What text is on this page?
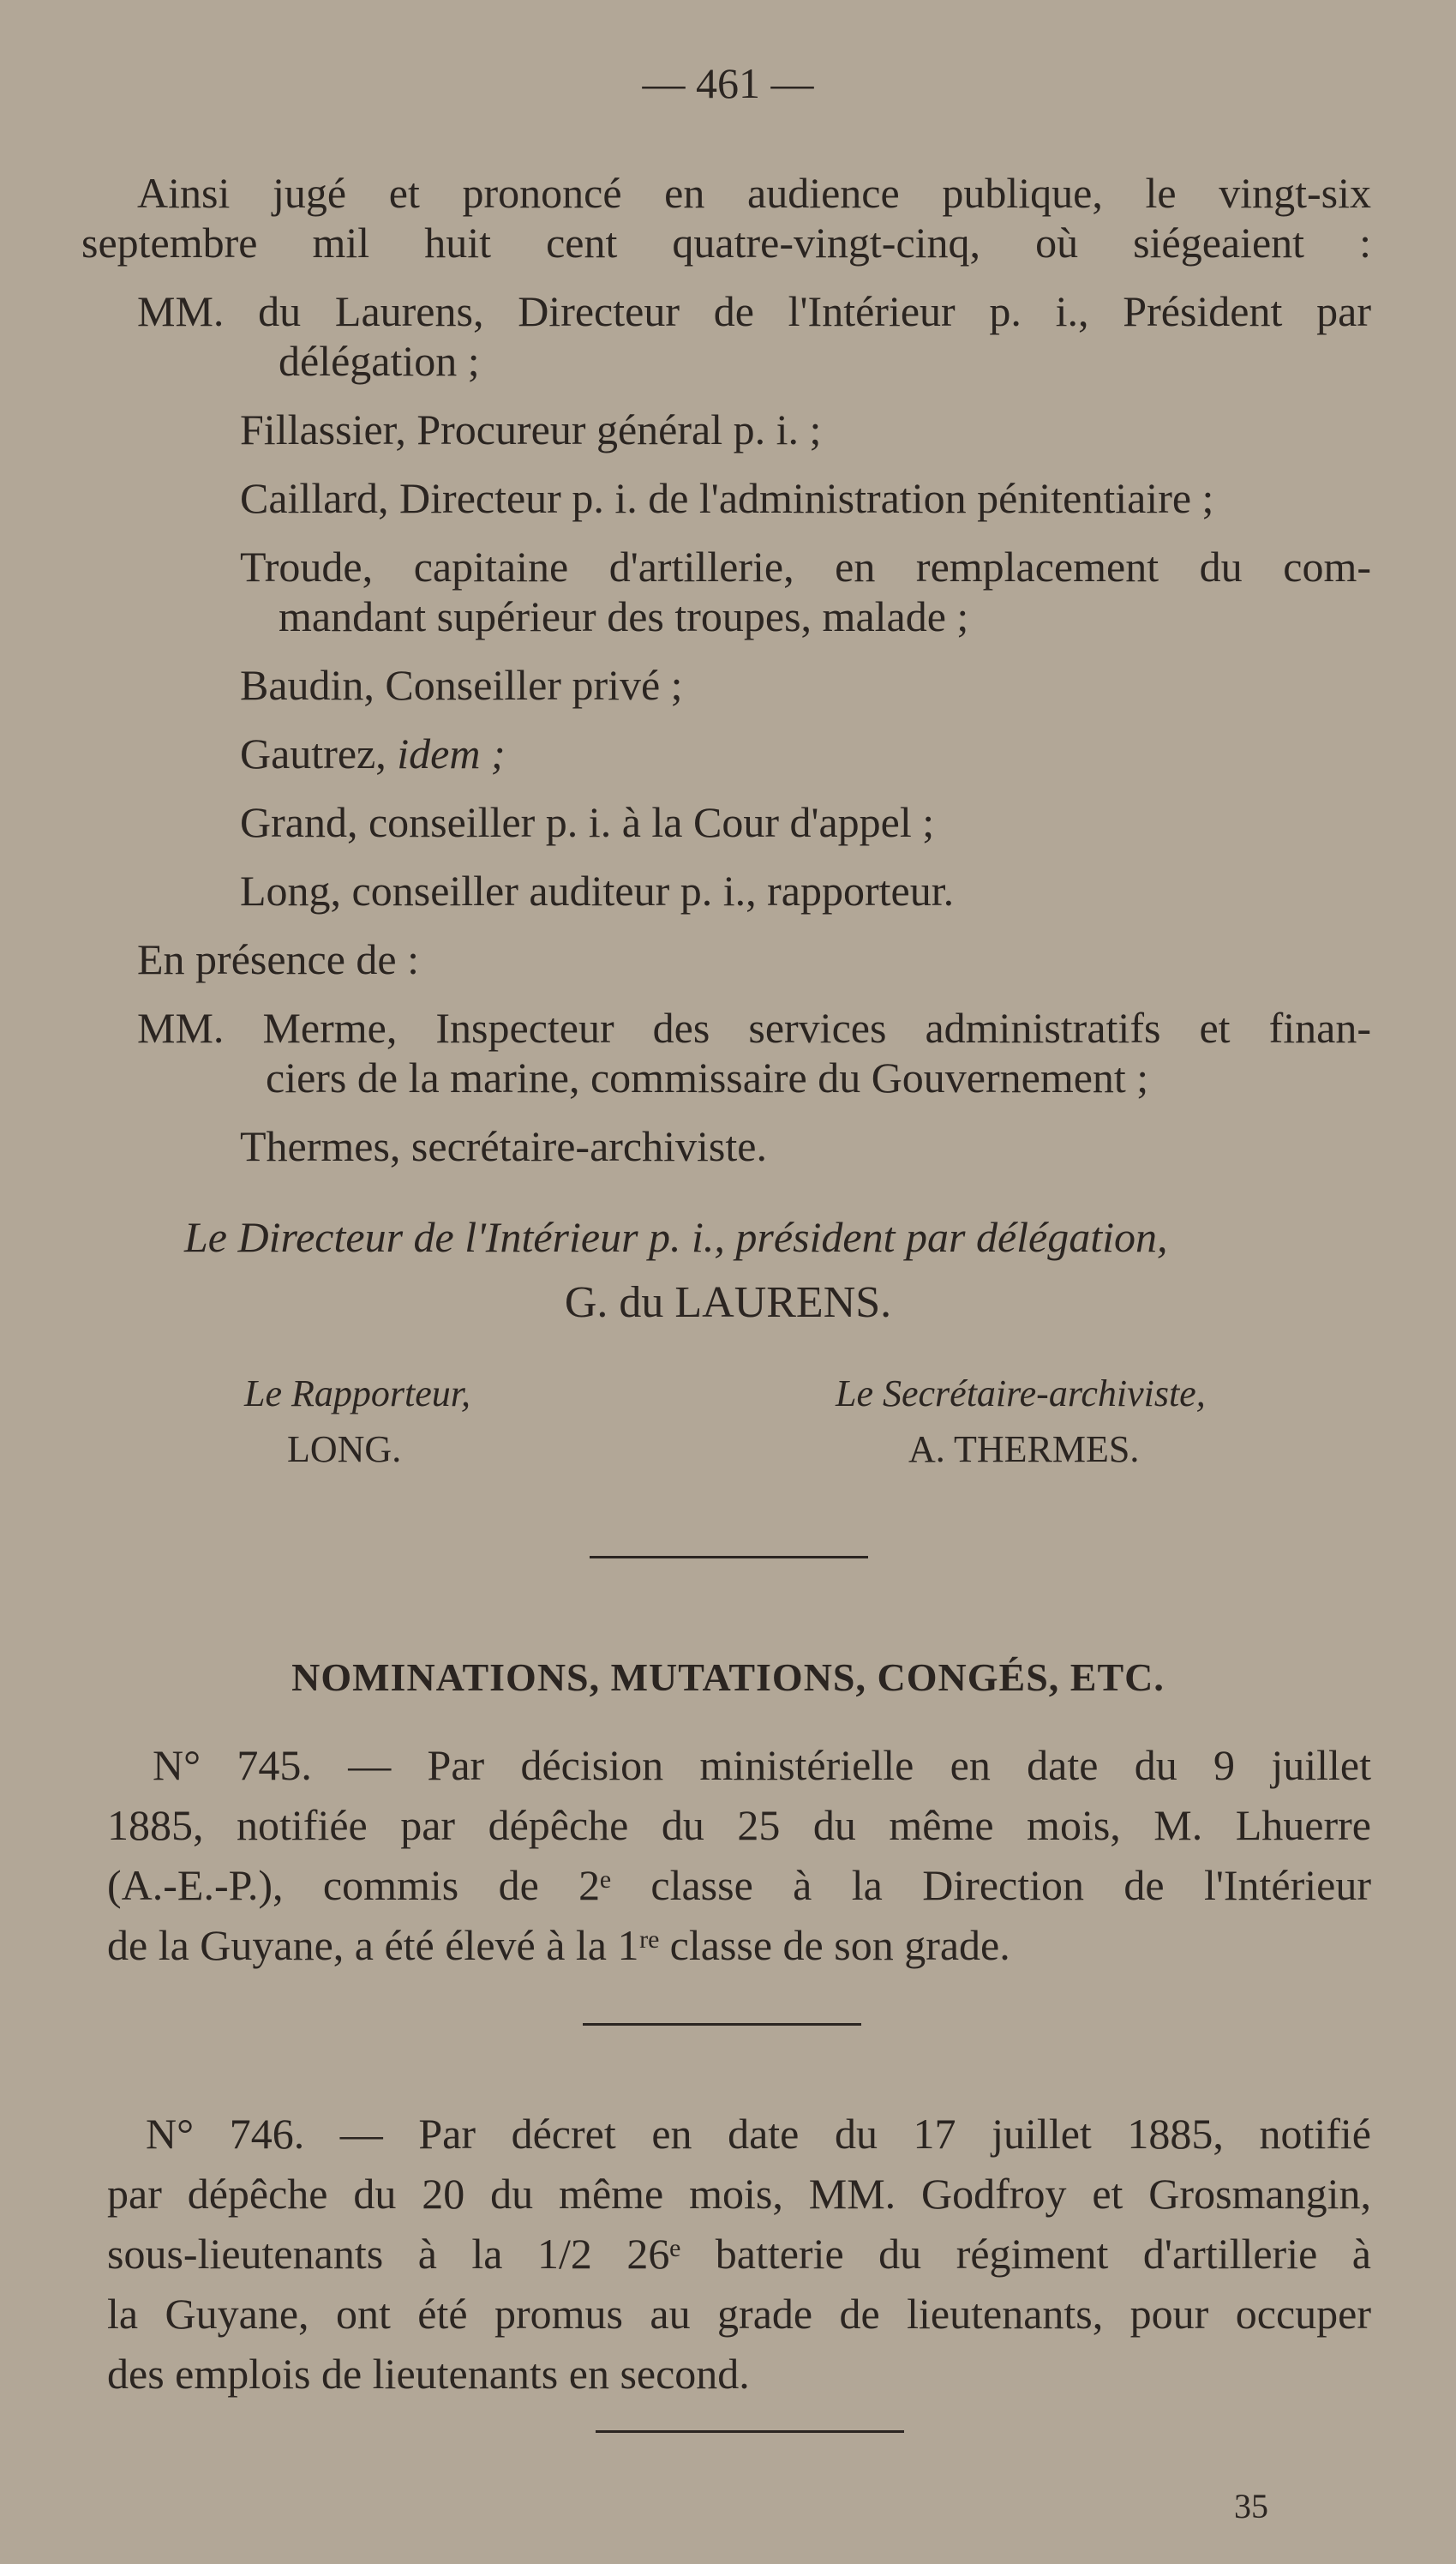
— 461 —
Ainsi jugé et prononcé en audience publique, le vingt-six
septembre mil huit cent quatre-vingt-cinq, où siégeaient :
MM. du Laurens, Directeur de l'Intérieur p. i., Président par
délégation ;
Fillassier, Procureur général p. i. ;
Caillard, Directeur p. i. de l'administration pénitentiaire ;
Troude, capitaine d'artillerie, en remplacement du com-
mandant supérieur des troupes, malade ;
Baudin, Conseiller privé ;
Gautrez, idem ;
Grand, conseiller p. i. à la Cour d'appel ;
Long, conseiller auditeur p. i., rapporteur.
En présence de :
MM. Merme, Inspecteur des services administratifs et finan-
ciers de la marine, commissaire du Gouvernement ;
Thermes, secrétaire-archiviste.
Le Directeur de l'Intérieur p. i., président par délégation,
G. du LAURENS.
Le Rapporteur,
LONG.
Le Secrétaire-archiviste,
A. THERMES.
NOMINATIONS, MUTATIONS, CONGÉS, ETC.
N° 745. — Par décision ministérielle en date du 9 juillet
1885, notifiée par dépêche du 25 du même mois, M. Lhuerre
(A.-E.-P.), commis de 2ᵉ classe à la Direction de l'Intérieur
de la Guyane, a été élevé à la 1ʳᵉ classe de son grade.
N° 746. — Par décret en date du 17 juillet 1885, notifié
par dépêche du 20 du même mois, MM. Godfroy et Grosmangin,
sous-lieutenants à la 1/2 26ᵉ batterie du régiment d'artillerie à
la Guyane, ont été promus au grade de lieutenants, pour occuper
des emplois de lieutenants en second.
35
